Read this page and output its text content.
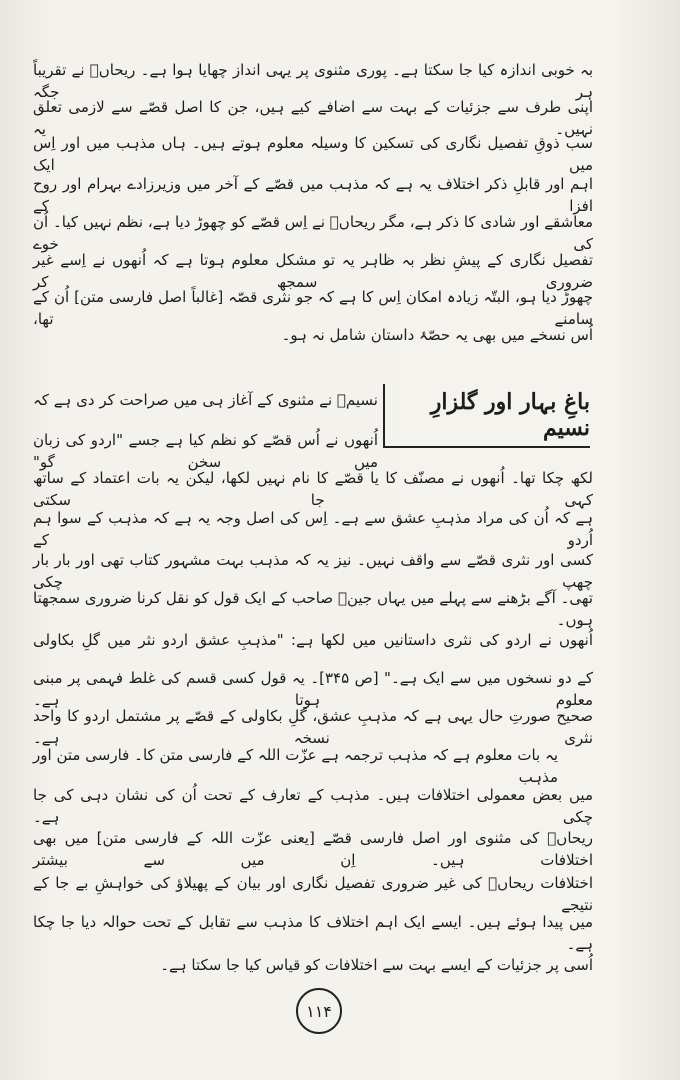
بہ خوبی اندازہ کیا جا سکتا ہے۔ پوری مثنوی پر یہی انداز چھایا ہوا ہے۔ ریحاںؔ نے تقریباً ہر جگہ
اپنی طرف سے جزئیات کے بہت سے اضافے کیے ہیں، جن کا اصل قصّے سے لازمی تعلق نہیں۔ یہ
سب ذوقِ تفصیل نگاری کی تسکین کا وسیلہ معلوم ہوتے ہیں۔ ہاں مذہب میں اور اِس میں ایک
اہم اور قابلِ ذکر اختلاف یہ ہے کہ مذہب میں قصّے کے آخر میں وزیرزادے بہرام اور روح افزا کے
معاشقے اور شادی کا ذکر ہے، مگر ریحاںؔ نے اِس قصّے کو چھوڑ دیا ہے، نظم نہیں کیا۔ اُن کی خوے
تفصیل نگاری کے پیشِ نظر بہ ظاہر یہ تو مشکل معلوم ہوتا ہے کہ اُنھوں نے اِسے غیر ضروری سمجھ کر
چھوڑ دیا ہو، البتّہ زیادہ امکان اِس کا ہے کہ جو نثری قصّہ [غالباً اصل فارسی متن] اُن کے سامنے تھا،
اُس نسخے میں بھی یہ حصّۂ داستان شامل نہ ہو۔
باغِ بہار اور گلزارِ نسیم
نسیمؔ نے مثنوی کے آغاز ہی میں صراحت کر دی ہے کہ
اُنھوں نے اُس قصّے کو نظم کیا ہے جسے "اردو کی زبان میں سخن گو"
لکھ چکا تھا۔ اُنھوں نے مصنّف کا یا قصّے کا نام نہیں لکھا، لیکن یہ بات اعتماد کے ساتھ کہی جا سکتی
ہے کہ اُن کی مراد مذہبِ عشق سے ہے۔ اِس کی اصل وجہ یہ ہے کہ مذہب کے سوا ہم اُردو کے
کسی اور نثری قصّے سے واقف نہیں۔ نیز یہ کہ مذہب بہت مشہور کتاب تھی اور بار بار چھپ چکی
تھی۔ آگے بڑھنے سے پہلے میں یہاں جینؔ صاحب کے ایک قول کو نقل کرنا ضروری سمجھتا ہوں۔
اُنھوں نے اردو کی نثری داستانیں میں لکھا ہے: "مذہبِ عشق اردو نثر میں گلِ بکاولی
کے دو نسخوں میں سے ایک ہے۔" [ص ۳۴۵]۔ یہ قول کسی قسم کی غلط فہمی پر مبنی معلوم ہوتا ہے۔
صحیح صورتِ حال یہی ہے کہ مذہبِ عشق، گلِ بکاولی کے قصّے پر مشتمل اردو کا واحد نثری نسخہ ہے۔
یہ بات معلوم ہے کہ مذہب ترجمہ ہے عزّت اللہ کے فارسی متن کا۔ فارسی متن اور مذہب
میں بعض معمولی اختلافات ہیں۔ مذہب کے تعارف کے تحت اُن کی نشان دہی کی جا چکی ہے۔
ریحاںؔ کی مثنوی اور اصل فارسی قصّے [یعنی عزّت اللہ کے فارسی متن] میں بھی اختلافات ہیں۔ اِن میں سے بیشتر
اختلافات ریحاںؔ کی غیر ضروری تفصیل نگاری اور بیان کے پھیلاؤ کی خواہشِ بے جا کے نتیجے
میں پیدا ہوئے ہیں۔ ایسے ایک اہم اختلاف کا مذہب سے تقابل کے تحت حوالہ دیا جا چکا ہے۔
اُسی پر جزئیات کے ایسے بہت سے اختلافات کو قیاس کیا جا سکتا ہے۔
۱۱۴
